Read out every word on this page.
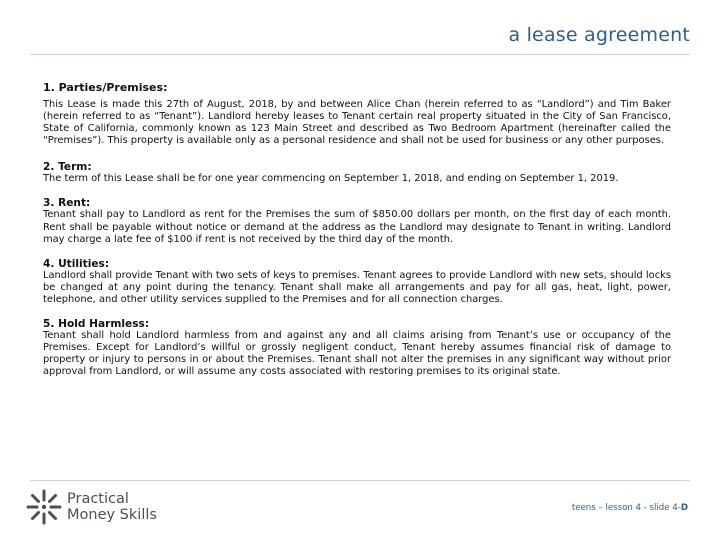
a lease agreement

1. Parties/Premises:

This Lease is made this 27th of August, 2018, by and between Alice Chan (herein referred to as “Landlord”) and Tim Baker (herein referred to as “Tenant”). Landlord hereby leases to Tenant certain real property situated in the City of San Francisco, State of California, commonly known as 123 Main Street and described as Two Bedroom Apartment (hereinafter called the “Premises”). This property is available only as a personal residence and shall not be used for business or any other purposes.

2. Term:

The term of this Lease shall be for one year commencing on September 1, 2018, and ending on September 1, 2019.

3. Rent:

Tenant shall pay to Landlord as rent for the Premises the sum of $850.00 dollars per month, on the first day of each month. Rent shall be payable without notice or demand at the address as the Landlord may designate to Tenant in writing. Landlord may charge a late fee of $100 if rent is not received by the third day of the month.

4. Utilities:

Landlord shall provide Tenant with two sets of keys to premises. Tenant agrees to provide Landlord with new sets, should locks be changed at any point during the tenancy. Tenant shall make all arrangements and pay for all gas, heat, light, power, telephone, and other utility services supplied to the Premises and for all connection charges.

5. Hold Harmless:

Tenant shall hold Landlord harmless from and against any and all claims arising from Tenant’s use or occupancy of the Premises. Except for Landlord’s willful or grossly negligent conduct, Tenant hereby assumes financial risk of damage to property or injury to persons in or about the Premises. Tenant shall not alter the premises in any significant way without prior approval from Landlord, or will assume any costs associated with restoring premises to its original state.

Practical
Money Skills	teens – lesson 4 - slide 4-D
